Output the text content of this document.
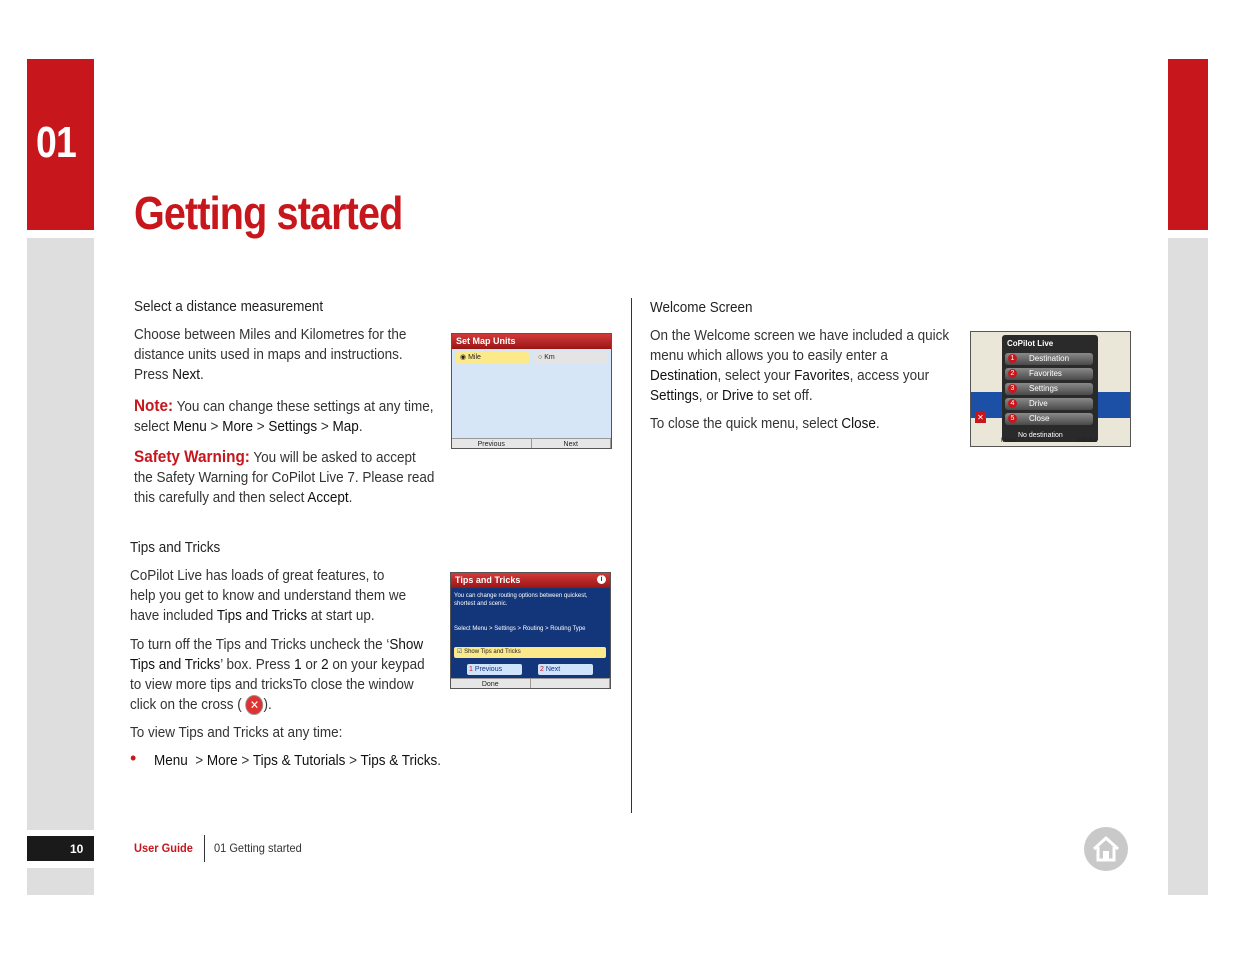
01
10
Getting started
Select a distance measurement
Choose between Miles and Kilometres for the distance units used in maps and instructions. Press Next.
Note: You can change these settings at any time, select Menu > More > Settings > Map.
Safety Warning: You will be asked to accept the Safety Warning for CoPilot Live 7. Please read this carefully and then select Accept.
Set Map Units
◉ Mile	○ Km
Previous	Next
Tips and Tricks
CoPilot Live has loads of great features, to help you get to know and understand them we have included Tips and Tricks at start up.
To turn off the Tips and Tricks uncheck the ‘Show Tips and Tricks’ box. Press 1 or 2 on your keypad to view more tips and tricksTo close the window click on the cross ( ✕ ).
To view Tips and Tricks at any time:
• Menu  > More > Tips & Tutorials > Tips & Tricks.
Tips and Tricks	i
You can change routing options between quickest, shortest and scenic.
Select Menu > Settings > Routing > Routing Type
☑ Show Tips and Tricks
1 Previous	2 Next
Done
Welcome Screen
On the Welcome screen we have included a quick menu which allows you to easily enter a Destination, select your Favorites, access your Settings, or Drive to set off.
To close the quick menu, select Close.
CoPilot Live
1	Destination
2	Favorites
3	Settings
4	Drive
5	Close
No destination
✕
Menu	Info Bar
User Guide 01 Getting started
